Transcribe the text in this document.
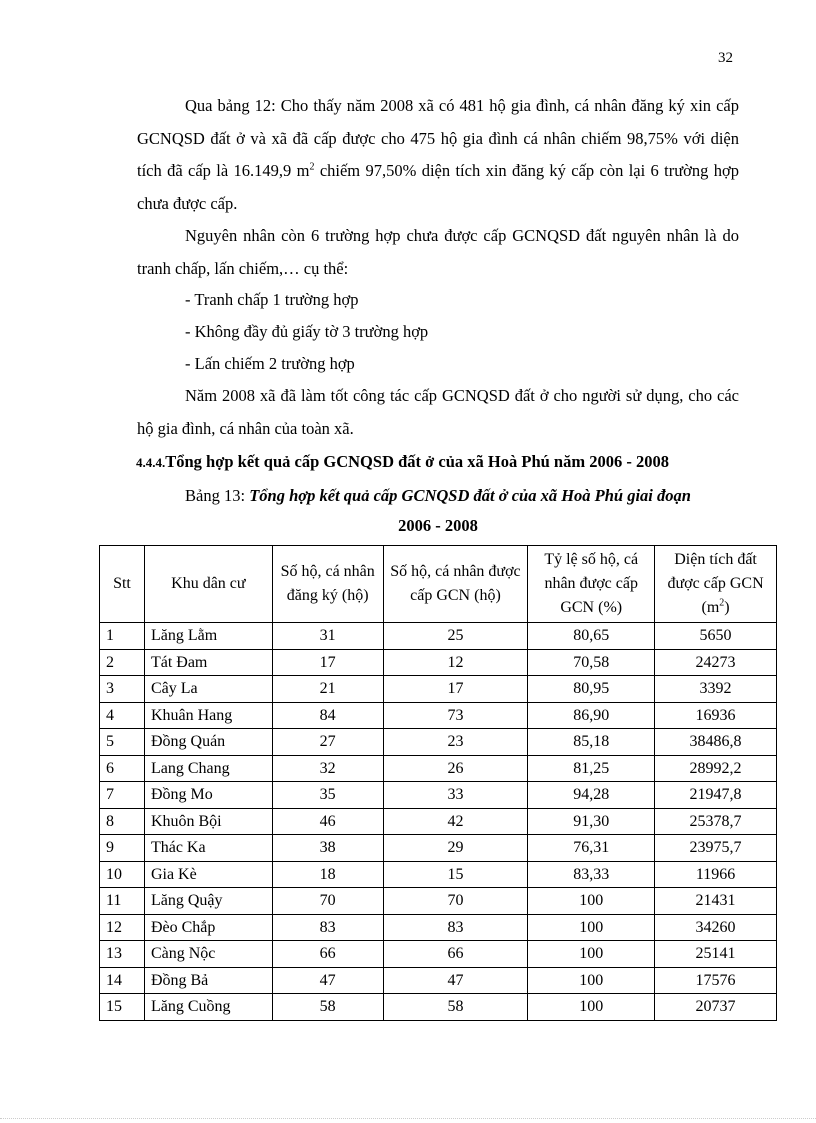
32

Qua bảng 12: Cho thấy năm 2008 xã có 481 hộ gia đình, cá nhân đăng ký xin cấp GCNQSD đất ở và xã đã cấp được cho 475 hộ gia đình cá nhân chiếm 98,75% với diện tích đã cấp là 16.149,9 $m^2$ chiếm 97,50% diện tích xin đăng ký cấp còn lại 6 trường hợp chưa được cấp.

Nguyên nhân còn 6 trường hợp chưa được cấp GCNQSD đất nguyên nhân là do tranh chấp, lấn chiếm,… cụ thể:

- Tranh chấp 1 trường hợp

- Không đầy đủ giấy tờ 3 trường hợp

- Lấn chiếm 2 trường hợp

Năm 2008 xã đã làm tốt công tác cấp GCNQSD đất ở cho người sử dụng, cho các hộ gia đình, cá nhân của toàn xã.

4.4.4.Tổng hợp kết quả cấp GCNQSD đất ở của xã Hoà Phú năm 2006 - 2008
Bảng 13: Tổng hợp kết quả cấp GCNQSD đất ở của xã Hoà Phú giai đoạn
2006 - 2008
Stt	Khu dân cư	Số hộ, cá nhân đăng ký (hộ)	Số hộ, cá nhân được cấp GCN (hộ)	Tỷ lệ số hộ, cá nhân được cấp GCN (%)	Diện tích đất được cấp GCN $(m^2)$
1	Lăng Lằm	31	25	80,65	5650
2	Tát Đam	17	12	70,58	24273
3	Cây La	21	17	80,95	3392
4	Khuân Hang	84	73	86,90	16936
5	Đồng Quán	27	23	85,18	38486,8
6	Lang Chang	32	26	81,25	28992,2
7	Đồng Mo	35	33	94,28	21947,8
8	Khuôn Bội	46	42	91,30	25378,7
9	Thác Ka	38	29	76,31	23975,7
10	Gia Kè	18	15	83,33	11966
11	Lăng Quậy	70	70	100	21431
12	Đèo Chắp	83	83	100	34260
13	Càng Nộc	66	66	100	25141
14	Đồng Bả	47	47	100	17576
15	Lăng Cuồng	58	58	100	20737
